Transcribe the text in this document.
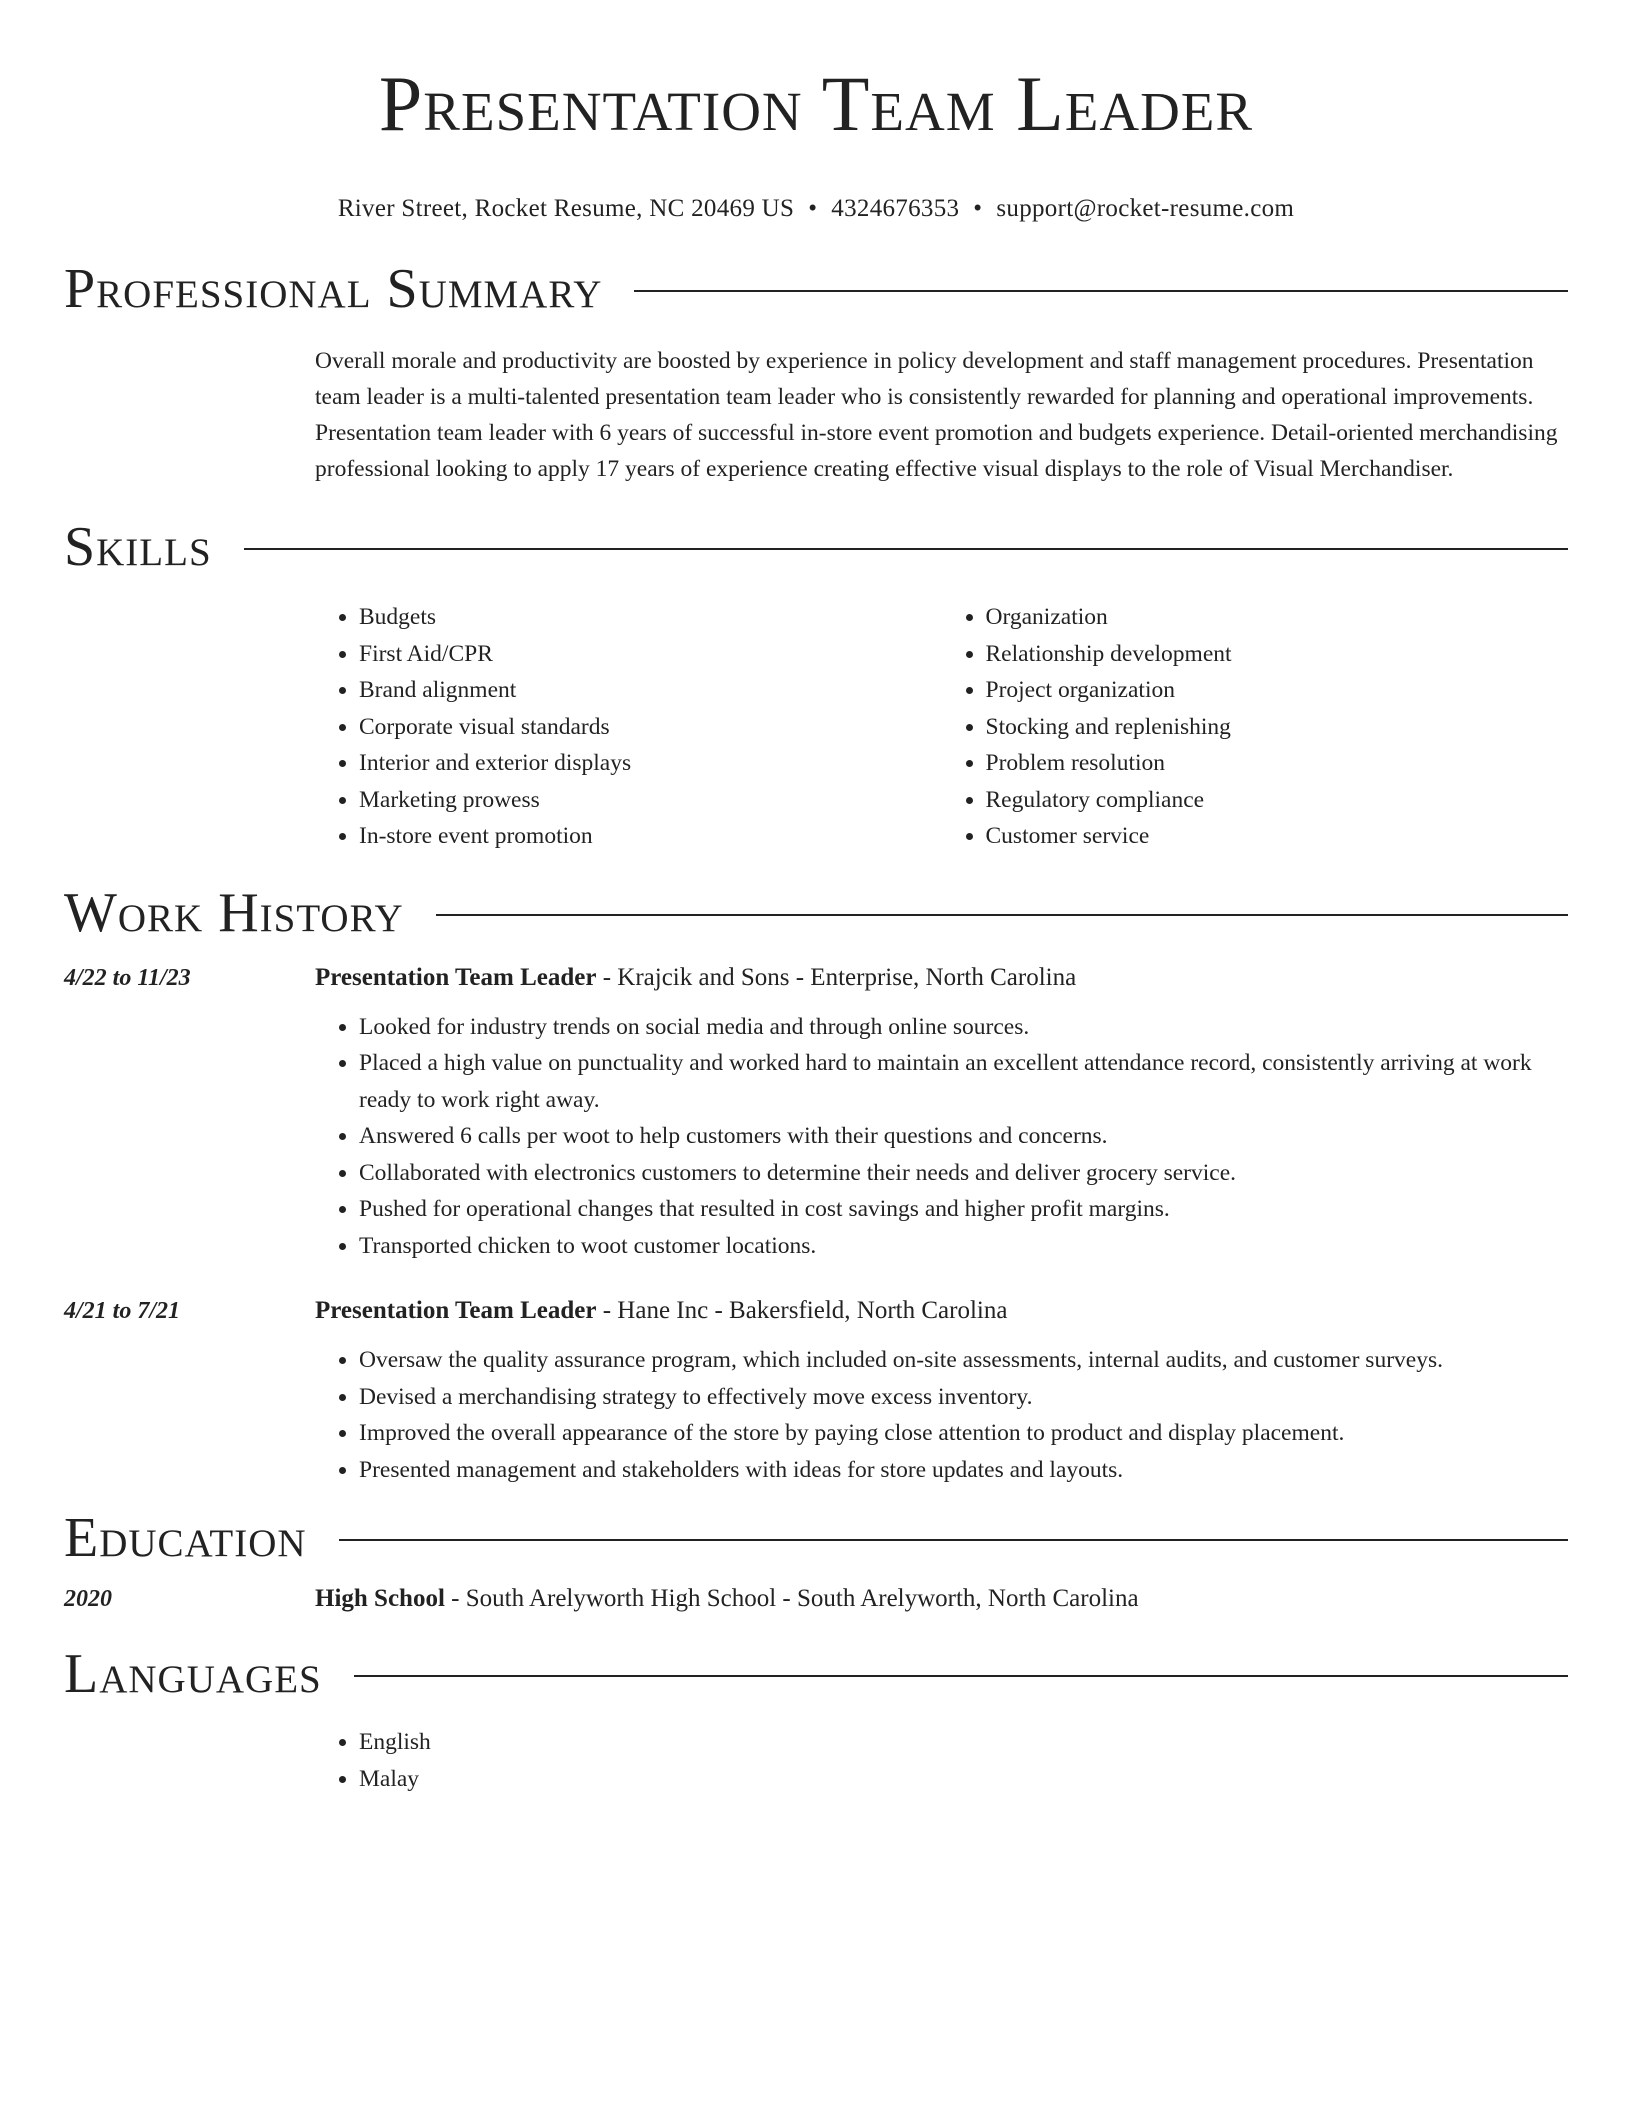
Presentation Team Leader
River Street, Rocket Resume, NC 20469 US • 4324676353 • support@rocket-resume.com
Professional Summary
Overall morale and productivity are boosted by experience in policy development and staff management procedures. Presentation team leader is a multi-talented presentation team leader who is consistently rewarded for planning and operational improvements. Presentation team leader with 6 years of successful in-store event promotion and budgets experience. Detail-oriented merchandising professional looking to apply 17 years of experience creating effective visual displays to the role of Visual Merchandiser.
Skills
• Budgets
• First Aid/CPR
• Brand alignment
• Corporate visual standards
• Interior and exterior displays
• Marketing prowess
• In-store event promotion
• Organization
• Relationship development
• Project organization
• Stocking and replenishing
• Problem resolution
• Regulatory compliance
• Customer service
Work History
4/22 to 11/23	Presentation Team Leader - Krajcik and Sons - Enterprise, North Carolina
• Looked for industry trends on social media and through online sources.
• Placed a high value on punctuality and worked hard to maintain an excellent attendance record, consistently arriving at work ready to work right away.
• Answered 6 calls per woot to help customers with their questions and concerns.
• Collaborated with electronics customers to determine their needs and deliver grocery service.
• Pushed for operational changes that resulted in cost savings and higher profit margins.
• Transported chicken to woot customer locations.
4/21 to 7/21	Presentation Team Leader - Hane Inc - Bakersfield, North Carolina
• Oversaw the quality assurance program, which included on-site assessments, internal audits, and customer surveys.
• Devised a merchandising strategy to effectively move excess inventory.
• Improved the overall appearance of the store by paying close attention to product and display placement.
• Presented management and stakeholders with ideas for store updates and layouts.
Education
2020	High School - South Arelyworth High School - South Arelyworth, North Carolina
Languages
• English
• Malay
